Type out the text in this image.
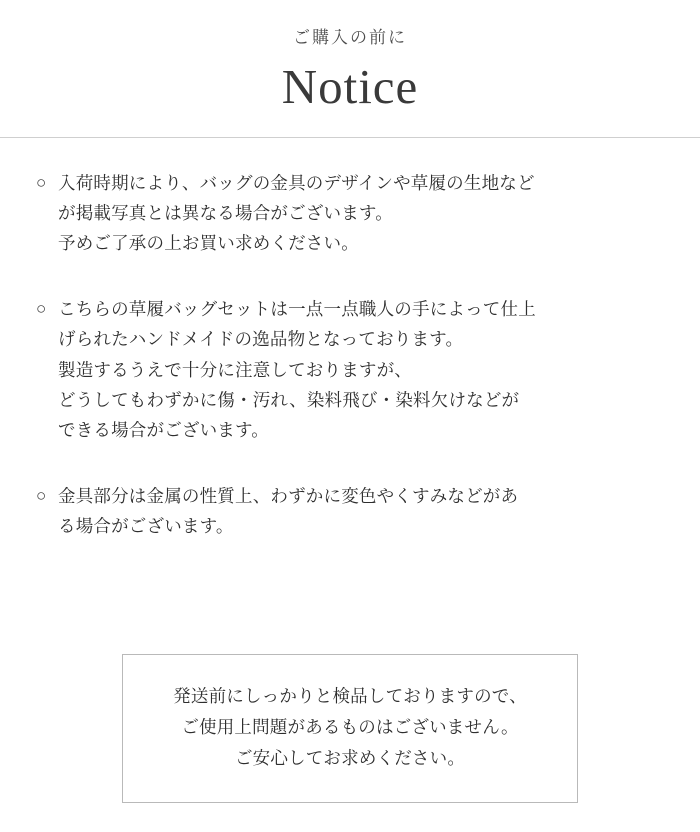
ご購入の前に

Notice
○ 入荷時期により、バッグの金具のデザインや草履の生地など
が掲載写真とは異なる場合がございます。
予めご了承の上お買い求めください。
○ こちらの草履バッグセットは一点一点職人の手によって仕上
げられたハンドメイドの逸品物となっております。
製造するうえで十分に注意しておりますが、
どうしてもわずかに傷・汚れ、染料飛び・染料欠けなどが
できる場合がございます。
○ 金具部分は金属の性質上、わずかに変色やくすみなどがあ
る場合がございます。
発送前にしっかりと検品しておりますので、
ご使用上問題があるものはございません。
ご安心してお求めください。
